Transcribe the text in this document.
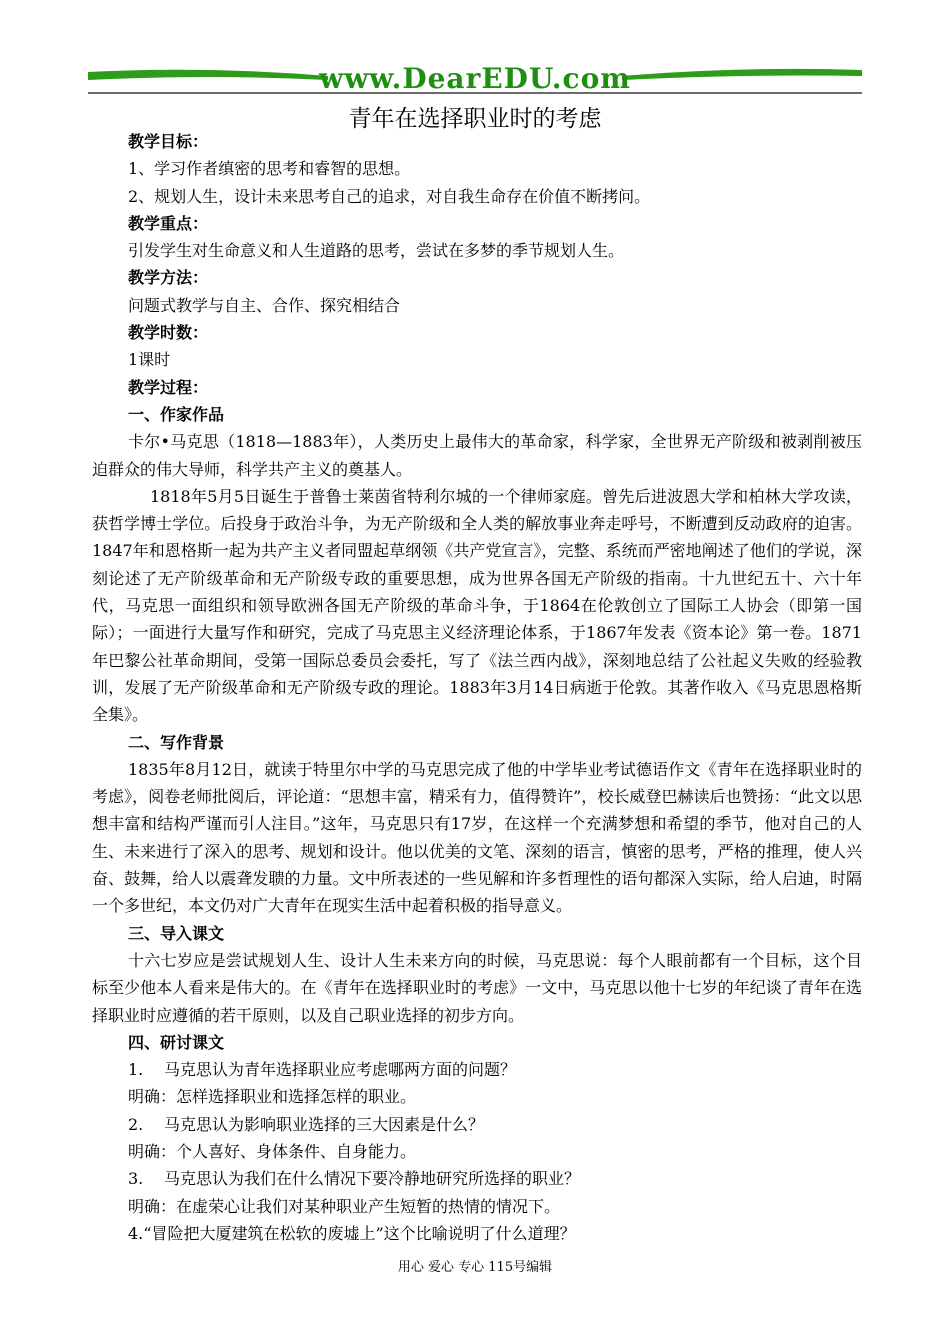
www.DearEDU.com
青年在选择职业时的考虑

教学目标：

1、学习作者缜密的思考和睿智的思想。

2、规划人生，设计未来思考自己的追求，对自我生命存在价值不断拷问。

教学重点：

引发学生对生命意义和人生道路的思考，尝试在多梦的季节规划人生。

教学方法：

问题式教学与自主、合作、探究相结合

教学时数：

1课时

教学过程：

一、作家作品

卡尔•马克思（1818—1883年），人类历史上最伟大的革命家，科学家，全世界无产阶级和被剥削被压迫群众的伟大导师，科学共产主义的奠基人。

1818年5月5日诞生于普鲁士莱茵省特利尔城的一个律师家庭。曾先后进波恩大学和柏林大学攻读，获哲学博士学位。后投身于政治斗争，为无产阶级和全人类的解放事业奔走呼号，不断遭到反动政府的迫害。1847年和恩格斯一起为共产主义者同盟起草纲领《共产党宣言》，完整、系统而严密地阐述了他们的学说，深刻论述了无产阶级革命和无产阶级专政的重要思想，成为世界各国无产阶级的指南。十九世纪五十、六十年代，马克思一面组织和领导欧洲各国无产阶级的革命斗争，于1864在伦敦创立了国际工人协会（即第一国际）；一面进行大量写作和研究，完成了马克思主义经济理论体系，于1867年发表《资本论》第一卷。1871年巴黎公社革命期间，受第一国际总委员会委托，写了《法兰西内战》，深刻地总结了公社起义失败的经验教训，发展了无产阶级革命和无产阶级专政的理论。1883年3月14日病逝于伦敦。其著作收入《马克思恩格斯全集》。

二、写作背景

1835年8月12日，就读于特里尔中学的马克思完成了他的中学毕业考试德语作文《青年在选择职业时的考虑》，阅卷老师批阅后，评论道：“思想丰富，精采有力，值得赞许”，校长威登巴赫读后也赞扬：“此文以思想丰富和结构严谨而引人注目。”这年，马克思只有17岁，在这样一个充满梦想和希望的季节，他对自己的人生、未来进行了深入的思考、规划和设计。他以优美的文笔、深刻的语言，慎密的思考，严格的推理，使人兴奋、鼓舞，给人以震聋发聩的力量。文中所表述的一些见解和许多哲理性的语句都深入实际，给人启迪，时隔一个多世纪，本文仍对广大青年在现实生活中起着积极的指导意义。

三、导入课文

十六七岁应是尝试规划人生、设计人生未来方向的时候，马克思说：每个人眼前都有一个目标，这个目标至少他本人看来是伟大的。在《青年在选择职业时的考虑》一文中，马克思以他十七岁的年纪谈了青年在选择职业时应遵循的若干原则，以及自己职业选择的初步方向。

四、研讨课文

1. 马克思认为青年选择职业应考虑哪两方面的问题？

明确：怎样选择职业和选择怎样的职业。

2. 马克思认为影响职业选择的三大因素是什么？

明确：个人喜好、身体条件、自身能力。

3. 马克思认为我们在什么情况下要冷静地研究所选择的职业？

明确：在虚荣心让我们对某种职业产生短暂的热情的情况下。

4.“冒险把大厦建筑在松软的废墟上”这个比喻说明了什么道理？

用心 爱心 专心 115号编辑
